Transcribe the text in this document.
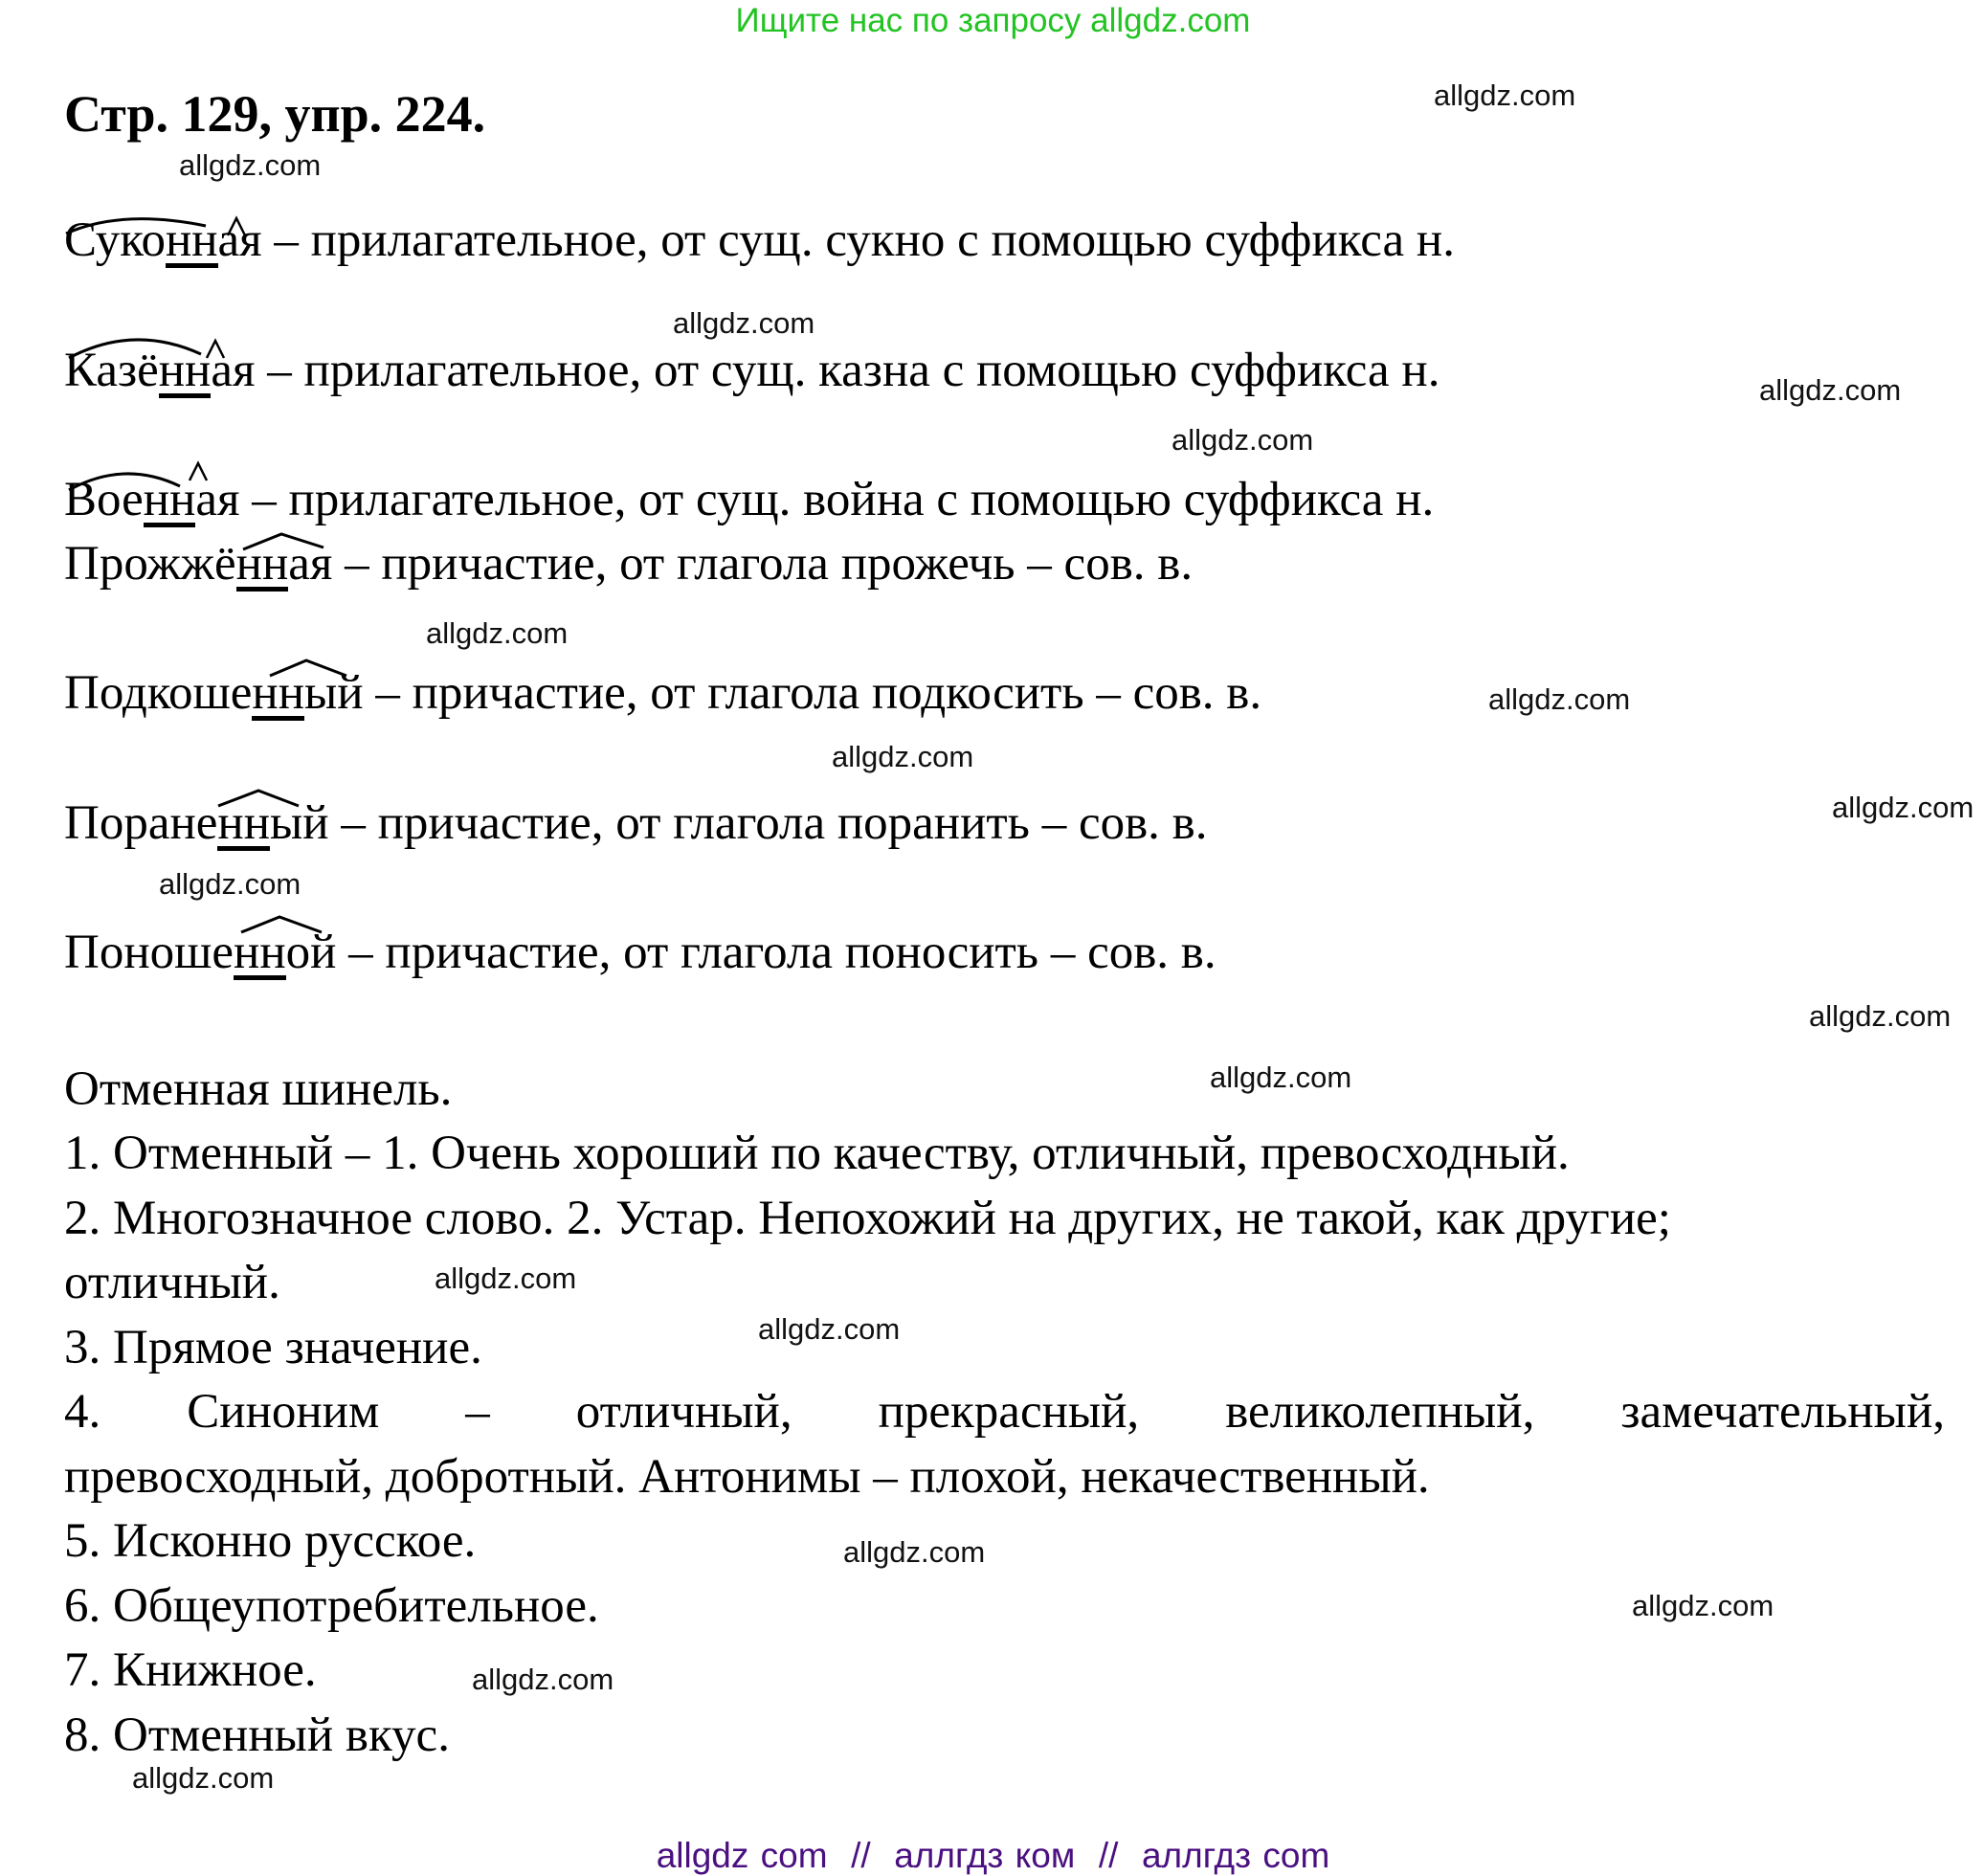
Ищите нас по запросу allgdz.com
Стр. 129, упр. 224.
Суконная – прилагательное, от сущ. сукно с помощью суффикса н.
Казённая – прилагательное, от сущ. казна с помощью суффикса н.
Военная – прилагательное, от сущ. война с помощью суффикса н.
Прожжённая – причастие, от глагола прожечь – сов. в.
Подкошенный – причастие, от глагола подкосить – сов. в.
Пораненный – причастие, от глагола поранить – сов. в.
Поношенной – причастие, от глагола поносить – сов. в.
Отменная шинель.
1. Отменный – 1. Очень хороший по качеству, отличный, превосходный.
2. Многозначное слово. 2. Устар. Непохожий на других, не такой, как другие;
отличный.
3. Прямое значение.
4. Синоним – отличный, прекрасный, великолепный, замечательный,
превосходный, добротный. Антонимы – плохой, некачественный.
5. Исконно русское.
6. Общеупотребительное.
7. Книжное.
8. Отменный вкус.
allgdz.com
allgdz.com
allgdz.com
allgdz.com
allgdz.com
allgdz.com
allgdz.com
allgdz.com
allgdz.com
allgdz.com
allgdz.com
allgdz.com
allgdz.com
allgdz.com
allgdz.com
allgdz.com
allgdz.com
allgdz.com
allgdz com  //  аллгдз ком  //  аллгдз com
